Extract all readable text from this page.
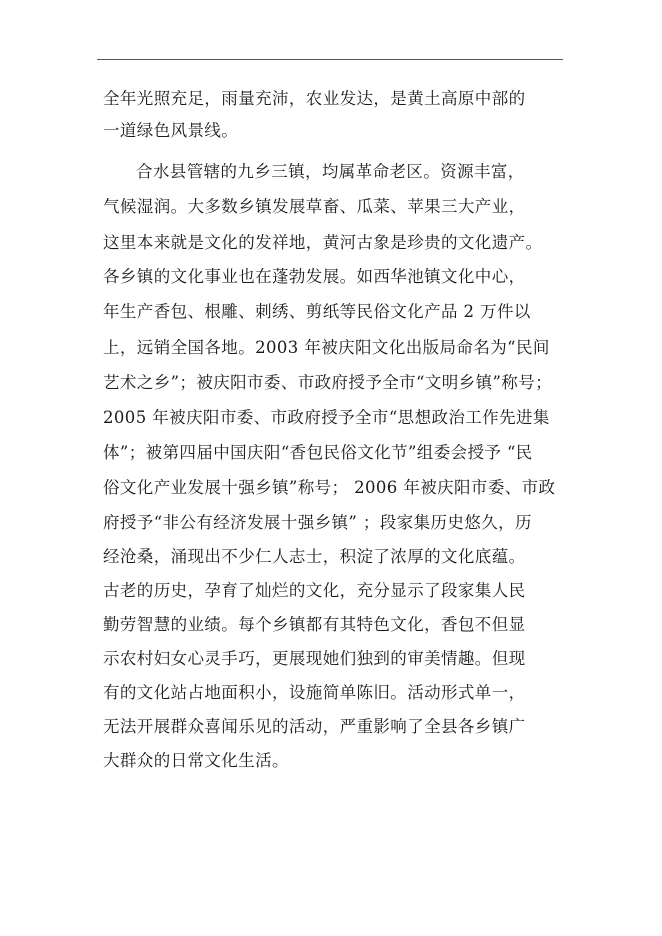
全年光照充足，雨量充沛，农业发达，是黄土高原中部的
一道绿色风景线。
合水县管辖的九乡三镇，均属革命老区。资源丰富，
气候湿润。大多数乡镇发展草畜、瓜菜、苹果三大产业，
这里本来就是文化的发祥地，黄河古象是珍贵的文化遗产。
各乡镇的文化事业也在蓬勃发展。如西华池镇文化中心，
年生产香包、根雕、刺绣、剪纸等民俗文化产品 2 万件以
上，远销全国各地。2003 年被庆阳文化出版局命名为“民间
艺术之乡”；被庆阳市委、市政府授予全市“文明乡镇”称号；
2005 年被庆阳市委、市政府授予全市“思想政治工作先进集
体”；被第四届中国庆阳“香包民俗文化节”组委会授予 “民
俗文化产业发展十强乡镇”称号； 2006 年被庆阳市委、市政
府授予“非公有经济发展十强乡镇” ；段家集历史悠久，历
经沧桑，涌现出不少仁人志士，积淀了浓厚的文化底蕴。
古老的历史，孕育了灿烂的文化，充分显示了段家集人民
勤劳智慧的业绩。每个乡镇都有其特色文化，香包不但显
示农村妇女心灵手巧，更展现她们独到的审美情趣。但现
有的文化站占地面积小，设施简单陈旧。活动形式单一，
无法开展群众喜闻乐见的活动，严重影响了全县各乡镇广
大群众的日常文化生活。
